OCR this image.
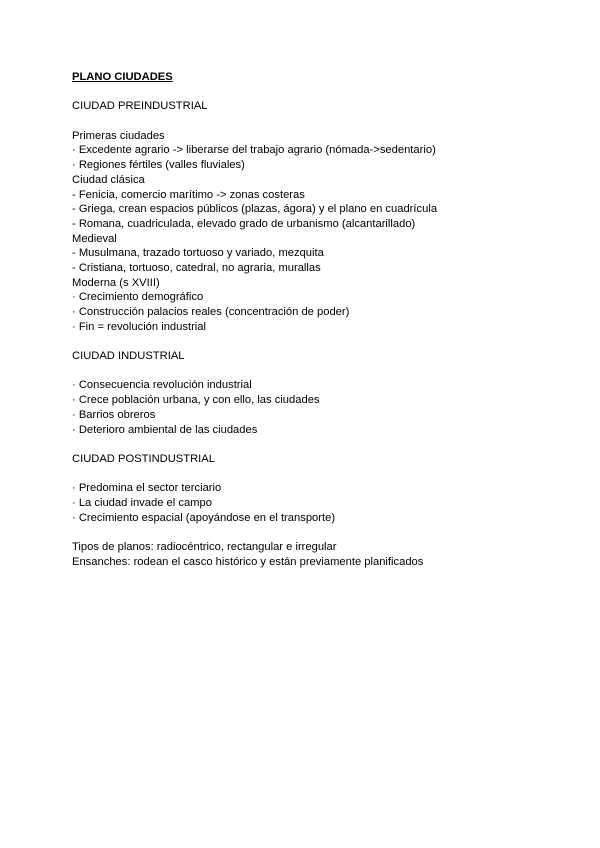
PLANO CIUDADES
CIUDAD PREINDUSTRIAL
Primeras ciudades
· Excedente agrario -> liberarse del trabajo agrario (nómada->sedentario)
· Regiones fértiles (valles fluviales)
Ciudad clásica
- Fenicia, comercio marítimo -> zonas costeras
- Griega, crean espacios públicos (plazas, ágora) y el plano en cuadrícula
- Romana, cuadriculada, elevado grado de urbanismo (alcantarillado)
Medieval
- Musulmana, trazado tortuoso y variado, mezquita
- Cristiana, tortuoso, catedral, no agraria, murallas
Moderna (s XVIII)
· Crecimiento demográfico
· Construcción palacios reales (concentración de poder)
· Fin = revolución industrial
CIUDAD INDUSTRIAL
· Consecuencia revolución industrial
· Crece población urbana, y con ello, las ciudades
· Barrios obreros
· Deterioro ambiental de las ciudades
CIUDAD POSTINDUSTRIAL
· Predomina el sector terciario
· La ciudad invade el campo
· Crecimiento espacial (apoyándose en el transporte)
Tipos de planos: radiocéntrico, rectangular e irregular
Ensanches: rodean el casco histórico y están previamente planificados
